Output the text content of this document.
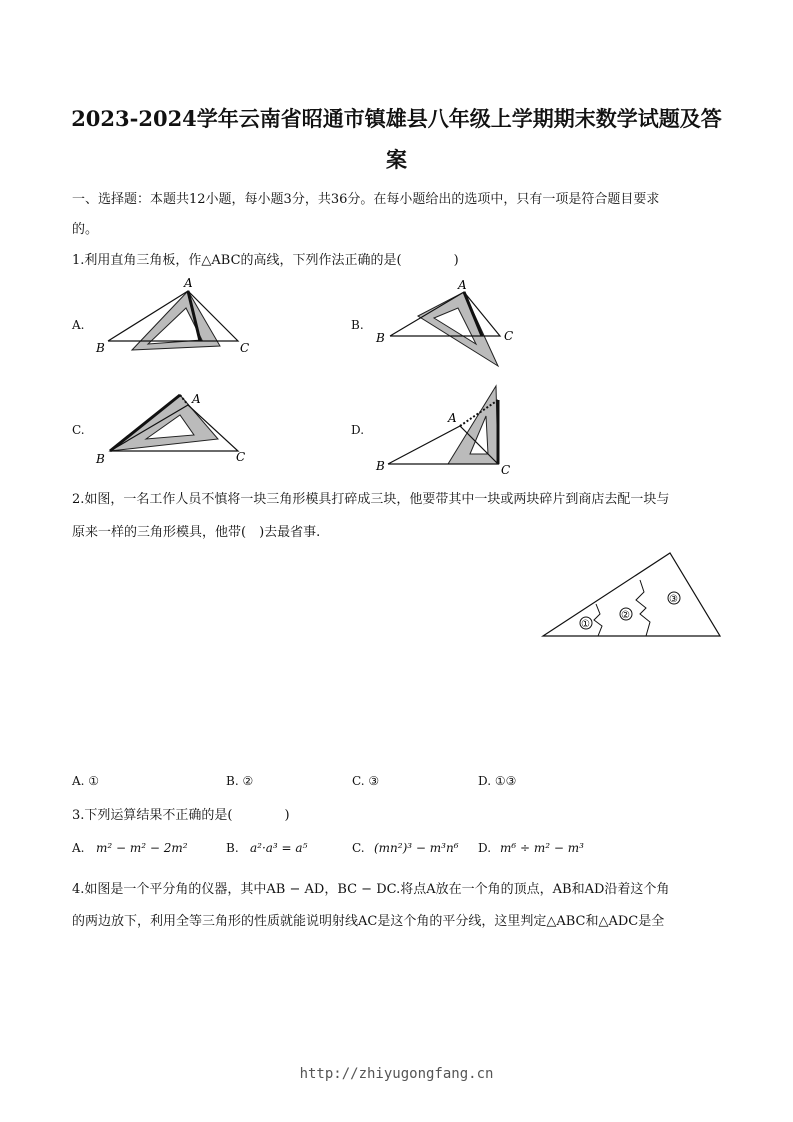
2023-2024学年云南省昭通市镇雄县八年级上学期期末数学试题及答
案
一、选择题：本题共12小题，每小题3分，共36分。在每小题给出的选项中，只有一项是符合题目要求
的。
1.利用直角三角板，作△ABC的高线，下列作法正确的是(　　　　)
A.
A
B	C
B.
A
B	C
C.
A
B	C
D.
A
B	C
2.如图，一名工作人员不慎将一块三角形模具打碎成三块，他要带其中一块或两块碎片到商店去配一块与
原来一样的三角形模具，他带(　)去最省事.
①
②
③
A. ①	B. ②	C. ③	D. ①③
3.下列运算结果不正确的是(　　　　)
A. m² − m² − 2m²	B. a²·a³ = a⁵	C. (mn²)³ − m³n⁶ D. m⁶ ÷ m² − m³
4.如图是一个平分角的仪器，其中AB − AD，BC − DC.将点A放在一个角的顶点，AB和AD沿着这个角
的两边放下，利用全等三角形的性质就能说明射线AC是这个角的平分线，这里判定△ABC和△ADC是全
http://zhiyugongfang.cn
